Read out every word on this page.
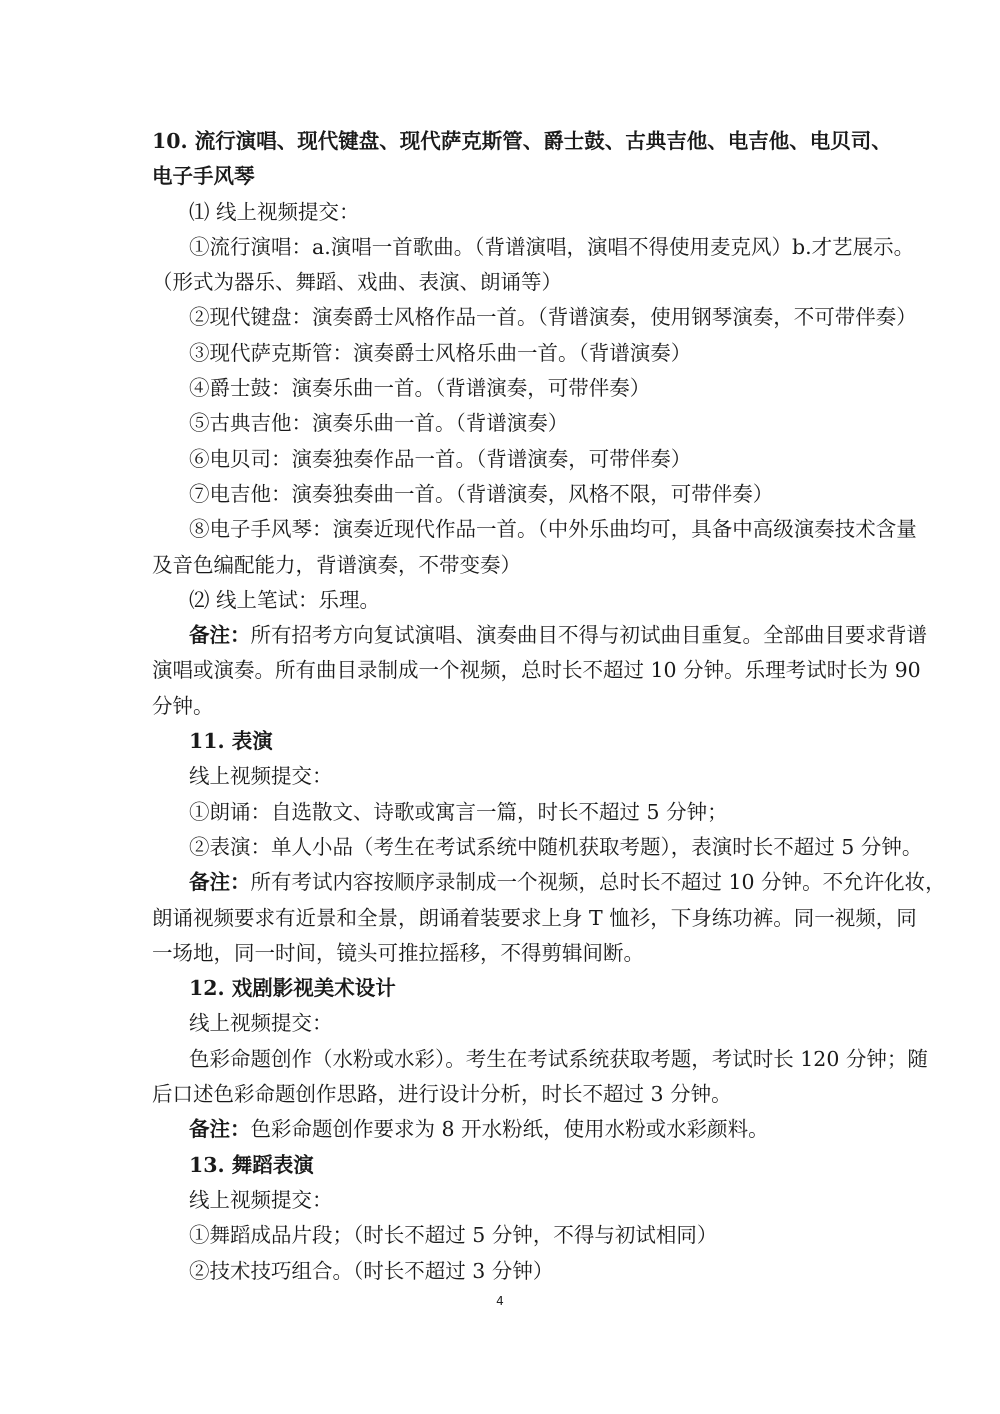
10. 流行演唱、现代键盘、现代萨克斯管、爵士鼓、古典吉他、电吉他、电贝司、
电子手风琴
⑴ 线上视频提交：
①流行演唱：a.演唱一首歌曲。（背谱演唱，演唱不得使用麦克风）b.才艺展示。
（形式为器乐、舞蹈、戏曲、表演、朗诵等）
②现代键盘：演奏爵士风格作品一首。（背谱演奏，使用钢琴演奏，不可带伴奏）
③现代萨克斯管：演奏爵士风格乐曲一首。（背谱演奏）
④爵士鼓：演奏乐曲一首。（背谱演奏，可带伴奏）
⑤古典吉他：演奏乐曲一首。（背谱演奏）
⑥电贝司：演奏独奏作品一首。（背谱演奏，可带伴奏）
⑦电吉他：演奏独奏曲一首。（背谱演奏，风格不限，可带伴奏）
⑧电子手风琴：演奏近现代作品一首。（中外乐曲均可，具备中高级演奏技术含量
及音色编配能力，背谱演奏，不带变奏）
⑵ 线上笔试：乐理。
备注：所有招考方向复试演唱、演奏曲目不得与初试曲目重复。全部曲目要求背谱
演唱或演奏。所有曲目录制成一个视频，总时长不超过 10 分钟。乐理考试时长为 90
分钟。
11. 表演
线上视频提交：
①朗诵：自选散文、诗歌或寓言一篇，时长不超过 5 分钟；
②表演：单人小品（考生在考试系统中随机获取考题），表演时长不超过 5 分钟。
备注：所有考试内容按顺序录制成一个视频，总时长不超过 10 分钟。不允许化妆，
朗诵视频要求有近景和全景，朗诵着装要求上身 T 恤衫，下身练功裤。同一视频，同
一场地，同一时间，镜头可推拉摇移，不得剪辑间断。
12. 戏剧影视美术设计
线上视频提交：
色彩命题创作（水粉或水彩）。考生在考试系统获取考题，考试时长 120 分钟；随
后口述色彩命题创作思路，进行设计分析，时长不超过 3 分钟。
备注：色彩命题创作要求为 8 开水粉纸，使用水粉或水彩颜料。
13. 舞蹈表演
线上视频提交：
①舞蹈成品片段；（时长不超过 5 分钟，不得与初试相同）
②技术技巧组合。（时长不超过 3 分钟）
4
